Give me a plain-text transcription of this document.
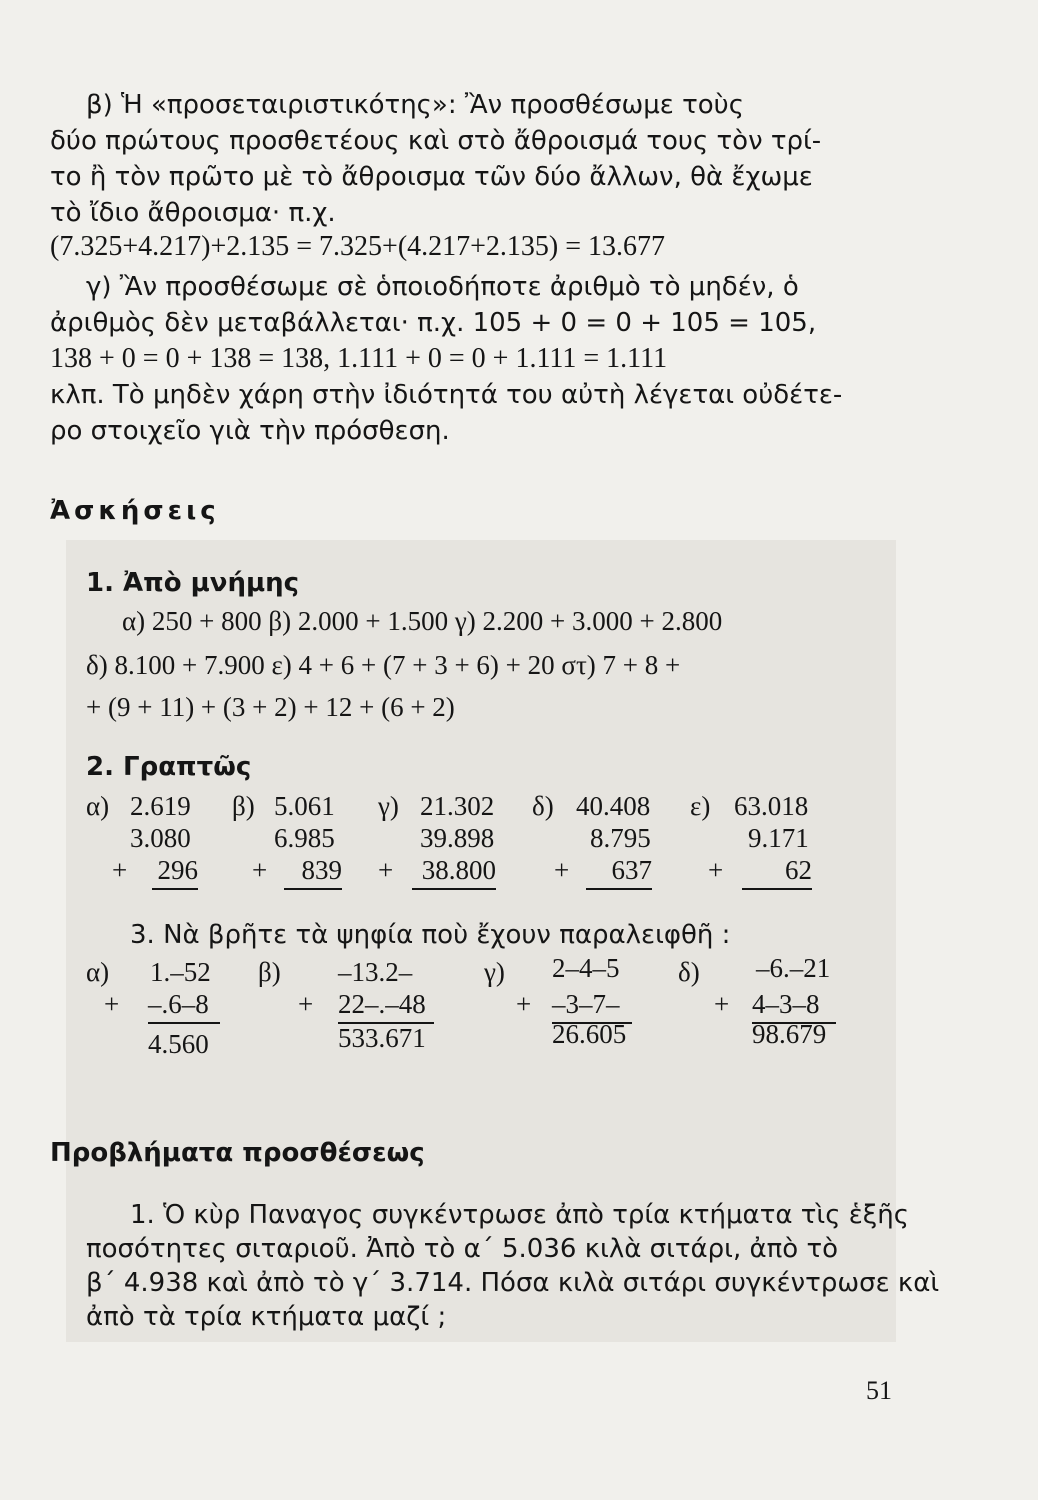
β) Ἡ «προσεταιριστικότης»: Ἂν προσθέσωμε τοὺς
δύο πρώτους προσθετέους καὶ στὸ ἄθροισμά τους τὸν τρί-
το ἢ τὸν πρῶτο μὲ τὸ ἄθροισμα τῶν δύο ἄλλων, θὰ ἔχωμε
τὸ ἴδιο ἄθροισμα· π.χ.
(7.325+4.217)+2.135 = 7.325+(4.217+2.135) = 13.677
γ) Ἂν προσθέσωμε σὲ ὁποιοδήποτε ἀριθμὸ τὸ μηδέν, ὁ
ἀριθμὸς δὲν μεταβάλλεται· π.χ. 105 + 0 = 0 + 105 = 105,
138 + 0 = 0 + 138 = 138, 1.111 + 0 = 0 + 1.111 = 1.111
κλπ. Τὸ μηδὲν χάρη στὴν ἰδιότητά του αὐτὴ λέγεται οὐδέτε-
ρο στοιχεῖο γιὰ τὴν πρόσθεση.
Ἀσκήσεις
1. Ἀπὸ μνήμης
α) 250 + 800 β) 2.000 + 1.500 γ) 2.200 + 3.000 + 2.800
δ) 8.100 + 7.900 ε) 4 + 6 + (7 + 3 + 6) + 20 στ) 7 + 8 +
+ (9 + 11) + (3 + 2) + 12 + (6 + 2)
2. Γραπτῶς
α) 2.619
3.080
+ 296
β) 5.061
6.985
+	839
γ) 21.302
39.898
+	38.800
δ) 40.408
8.795
+	637
ε) 63.018
9.171
+	62
3. Νὰ βρῆτε τὰ ψηφία ποὺ ἔχουν παραλειφθῆ :
α) 1.–52
+ –.6–8
4.560
β) –13.2–
+ 22–.–48
533.671
γ) 2–4–5
+ –3–7–
26.605
δ) –6.–21
+ 4–3–8
98.679
Προβλήματα προσθέσεως
1. Ὁ κὺρ Παναγος συγκέντρωσε ἀπὸ τρία κτήματα τὶς ἑξῆς
ποσότητες σιταριοῦ. Ἀπὸ τὸ α΄ 5.036 κιλὰ σιτάρι, ἀπὸ τὸ
β΄ 4.938 καὶ ἀπὸ τὸ γ΄ 3.714. Πόσα κιλὰ σιτάρι συγκέντρωσε καὶ
ἀπὸ τὰ τρία κτήματα μαζί ;
51
